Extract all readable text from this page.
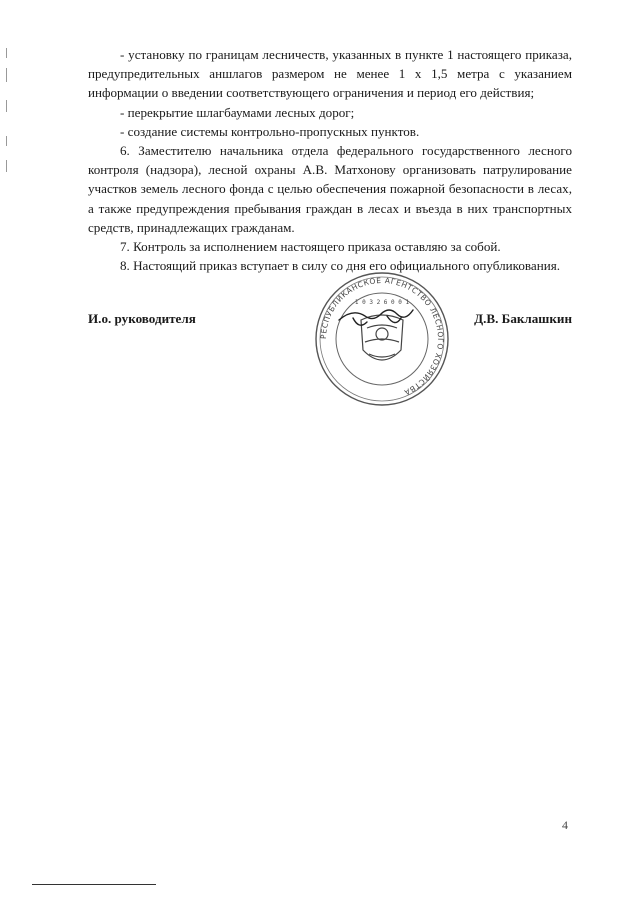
- установку по границам лесничеств, указанных в пункте 1 настоящего приказа, предупредительных аншлагов размером не менее 1 х 1,5 метра с указанием информации о введении соответствующего ограничения и период его действия;

- перекрытие шлагбаумами лесных дорог;

- создание системы контрольно-пропускных пунктов.

6. Заместителю начальника отдела федерального государственного лесного контроля (надзора), лесной охраны А.В. Матхонову организовать патрулирование участков земель лесного фонда с целью обеспечения пожарной безопасности в лесах, а также предупреждения пребывания граждан в лесах и въезда в них транспортных средств, принадлежащих гражданам.

7. Контроль за исполнением настоящего приказа оставляю за собой.

8. Настоящий приказ вступает в силу со дня его официального опубликования.

И.о. руководителя	Д.В. Баклашкин
РЕСПУБЛИКАНСКОЕ АГЕНТСТВО ЛЕСНОГО ХОЗЯЙСТВА
1 0 3 2 6 0 0 1
4
